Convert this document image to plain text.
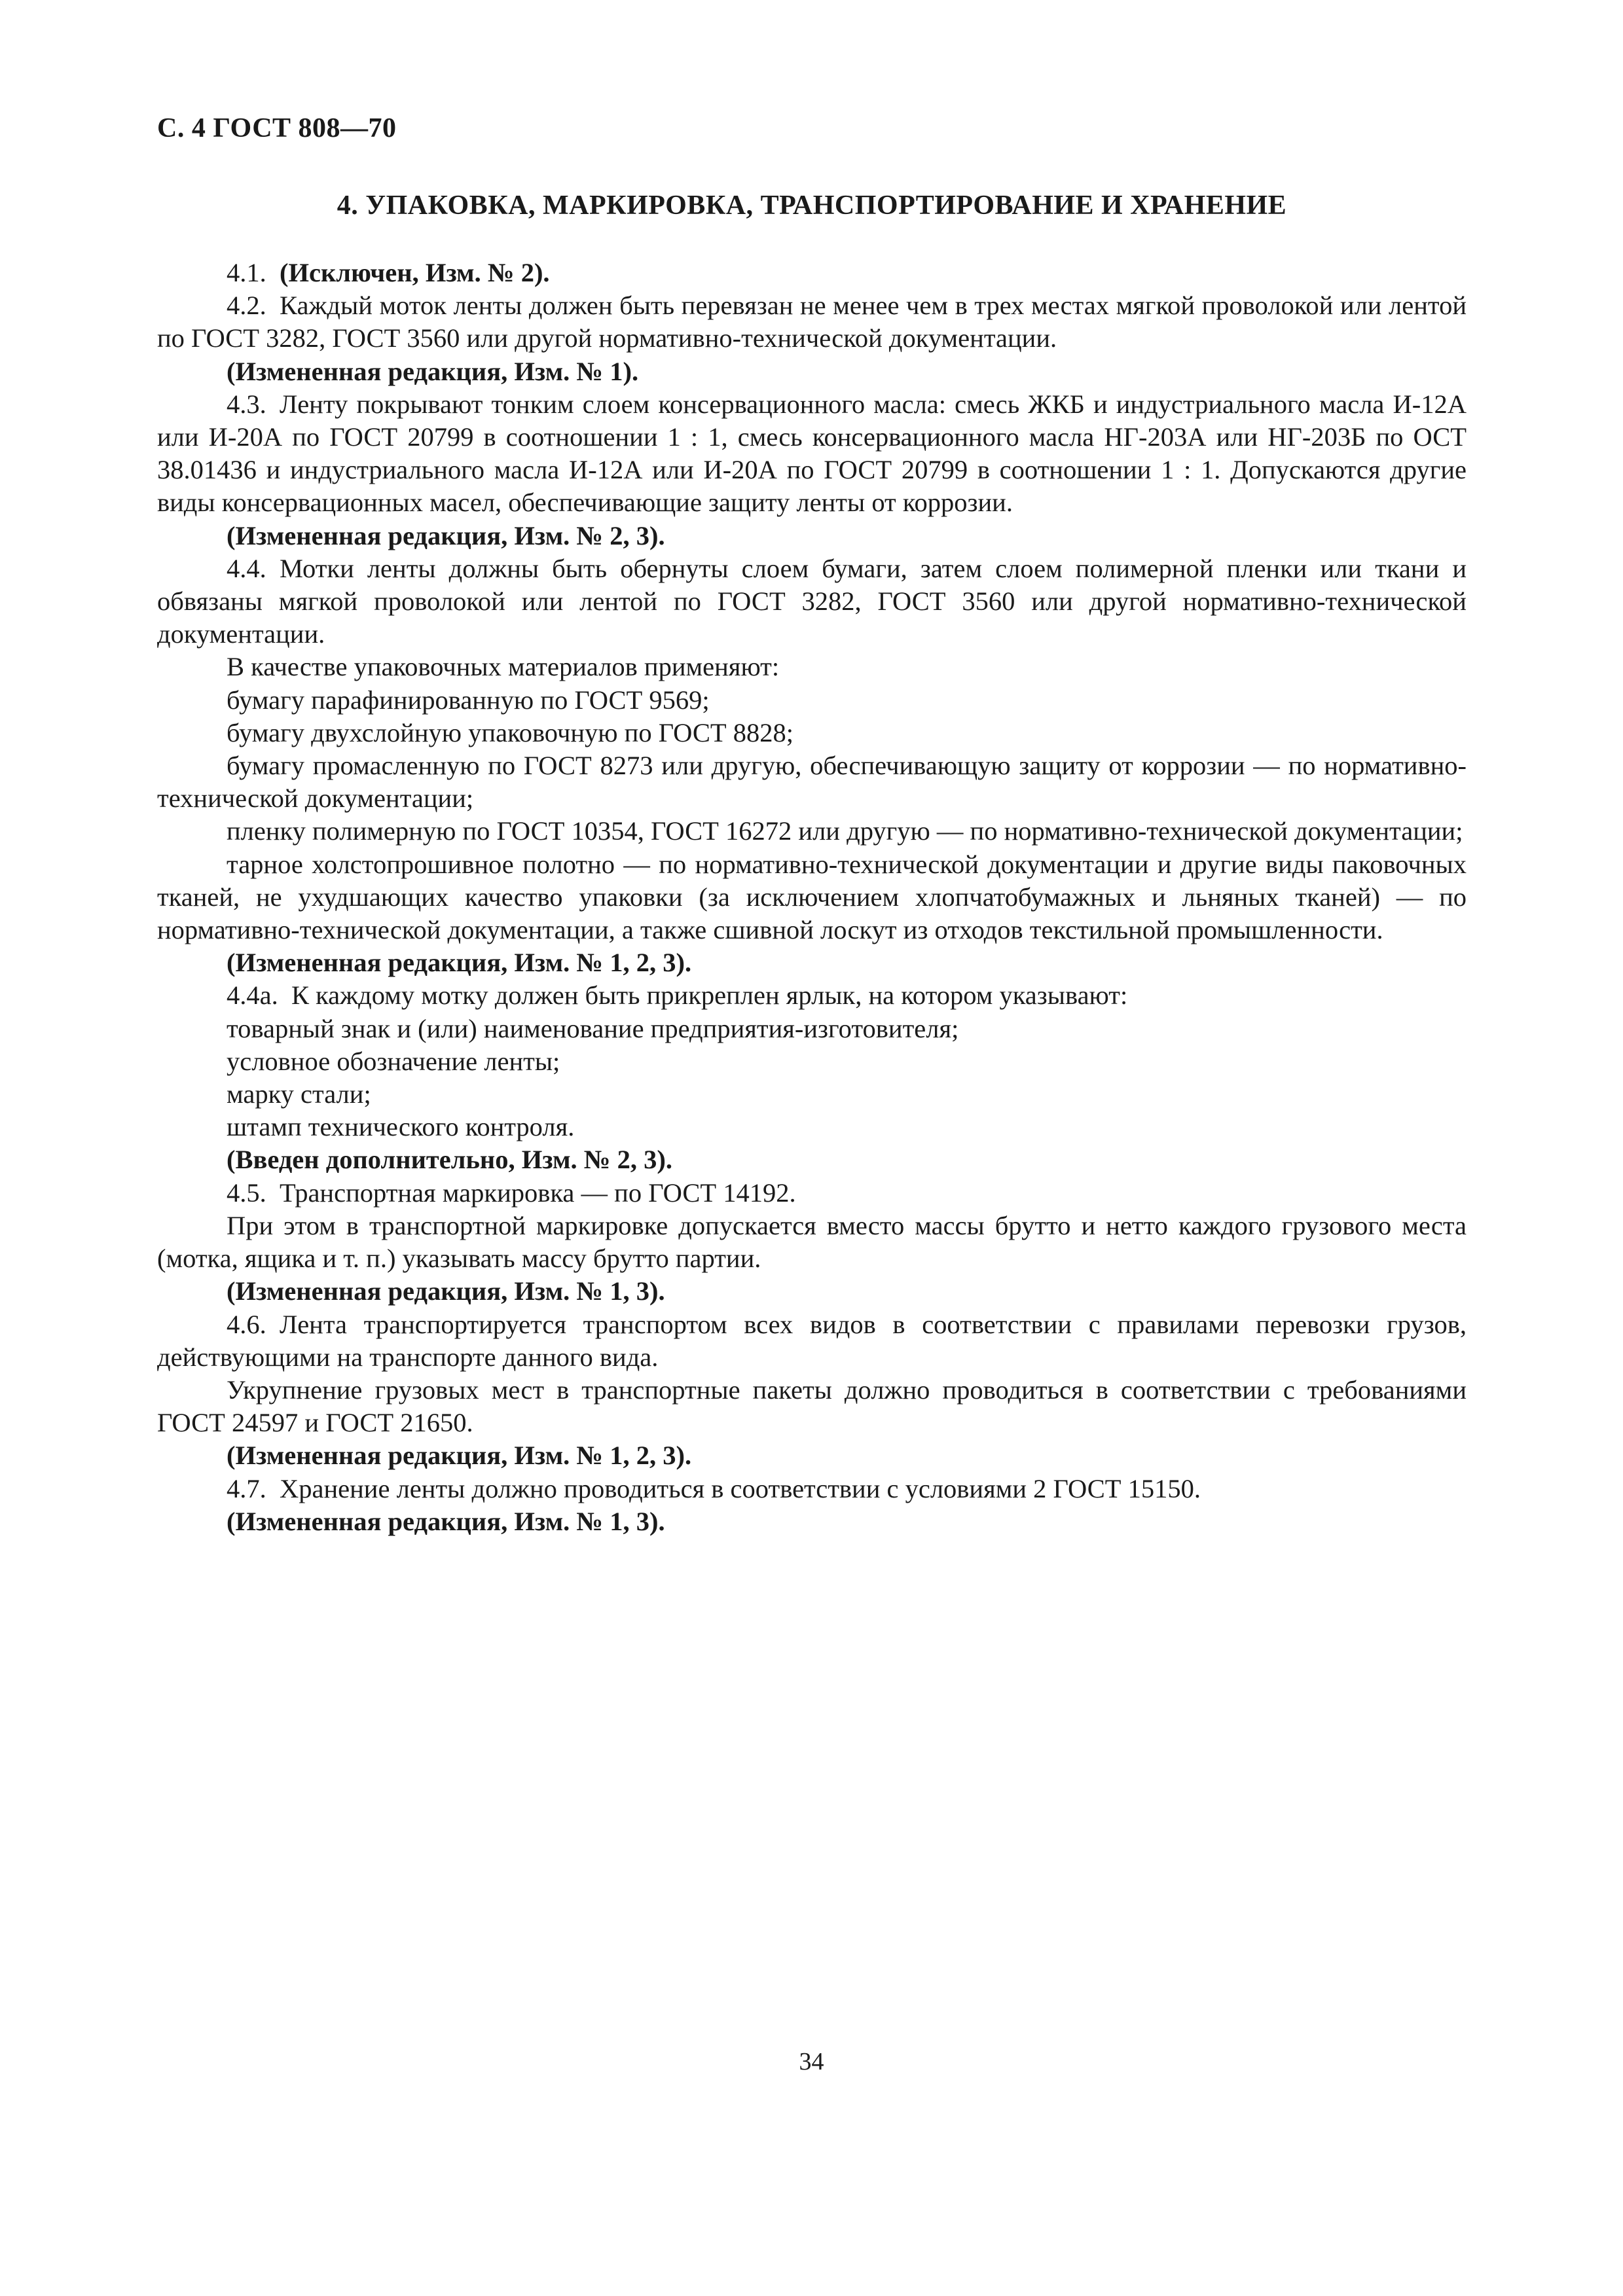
С. 4 ГОСТ 808—70
4. УПАКОВКА, МАРКИРОВКА, ТРАНСПОРТИРОВАНИЕ И ХРАНЕНИЕ

4.1.  (Исключен, Изм. № 2).

4.2.  Каждый моток ленты должен быть перевязан не менее чем в трех местах мягкой проволокой или лентой по ГОСТ 3282, ГОСТ 3560 или другой нормативно-технической документации.

(Измененная редакция, Изм. № 1).

4.3.  Ленту покрывают тонким слоем консервационного масла: смесь ЖКБ и индустриального масла И-12А или И-20А по ГОСТ 20799 в соотношении 1 : 1, смесь консервационного масла НГ-203А или НГ-203Б по ОСТ 38.01436 и индустриального масла И-12А или И-20А по ГОСТ 20799 в соотношении 1 : 1. Допускаются другие виды консервационных масел, обеспечивающие защиту ленты от коррозии.

(Измененная редакция, Изм. № 2, 3).

4.4.  Мотки ленты должны быть обернуты слоем бумаги, затем слоем полимерной пленки или ткани и обвязаны мягкой проволокой или лентой по ГОСТ 3282, ГОСТ 3560 или другой нормативно-технической документации.

В качестве упаковочных материалов применяют:

бумагу парафинированную по ГОСТ 9569;

бумагу двухслойную упаковочную по ГОСТ 8828;

бумагу промасленную по ГОСТ 8273 или другую, обеспечивающую защиту от коррозии — по нормативно-технической документации;

пленку полимерную по ГОСТ 10354, ГОСТ 16272 или другую — по нормативно-технической документации;

тарное холстопрошивное полотно — по нормативно-технической документации и другие виды паковочных тканей, не ухудшающих качество упаковки (за исключением хлопчатобумажных и льняных тканей) — по нормативно-технической документации, а также сшивной лоскут из отходов текстильной промышленности.

(Измененная редакция, Изм. № 1, 2, 3).

4.4а.  К каждому мотку должен быть прикреплен ярлык, на котором указывают:

товарный знак и (или) наименование предприятия-изготовителя;

условное обозначение ленты;

марку стали;

штамп технического контроля.

(Введен дополнительно, Изм. № 2, 3).

4.5.  Транспортная маркировка — по ГОСТ 14192.

При этом в транспортной маркировке допускается вместо массы брутто и нетто каждого грузового места (мотка, ящика и т. п.) указывать массу брутто партии.

(Измененная редакция, Изм. № 1, 3).

4.6.  Лента транспортируется транспортом всех видов в соответствии с правилами перевозки грузов, действующими на транспорте данного вида.

Укрупнение грузовых мест в транспортные пакеты должно проводиться в соответствии с требованиями ГОСТ 24597 и ГОСТ 21650.

(Измененная редакция, Изм. № 1, 2, 3).

4.7.  Хранение ленты должно проводиться в соответствии с условиями 2 ГОСТ 15150.

(Измененная редакция, Изм. № 1, 3).

34
